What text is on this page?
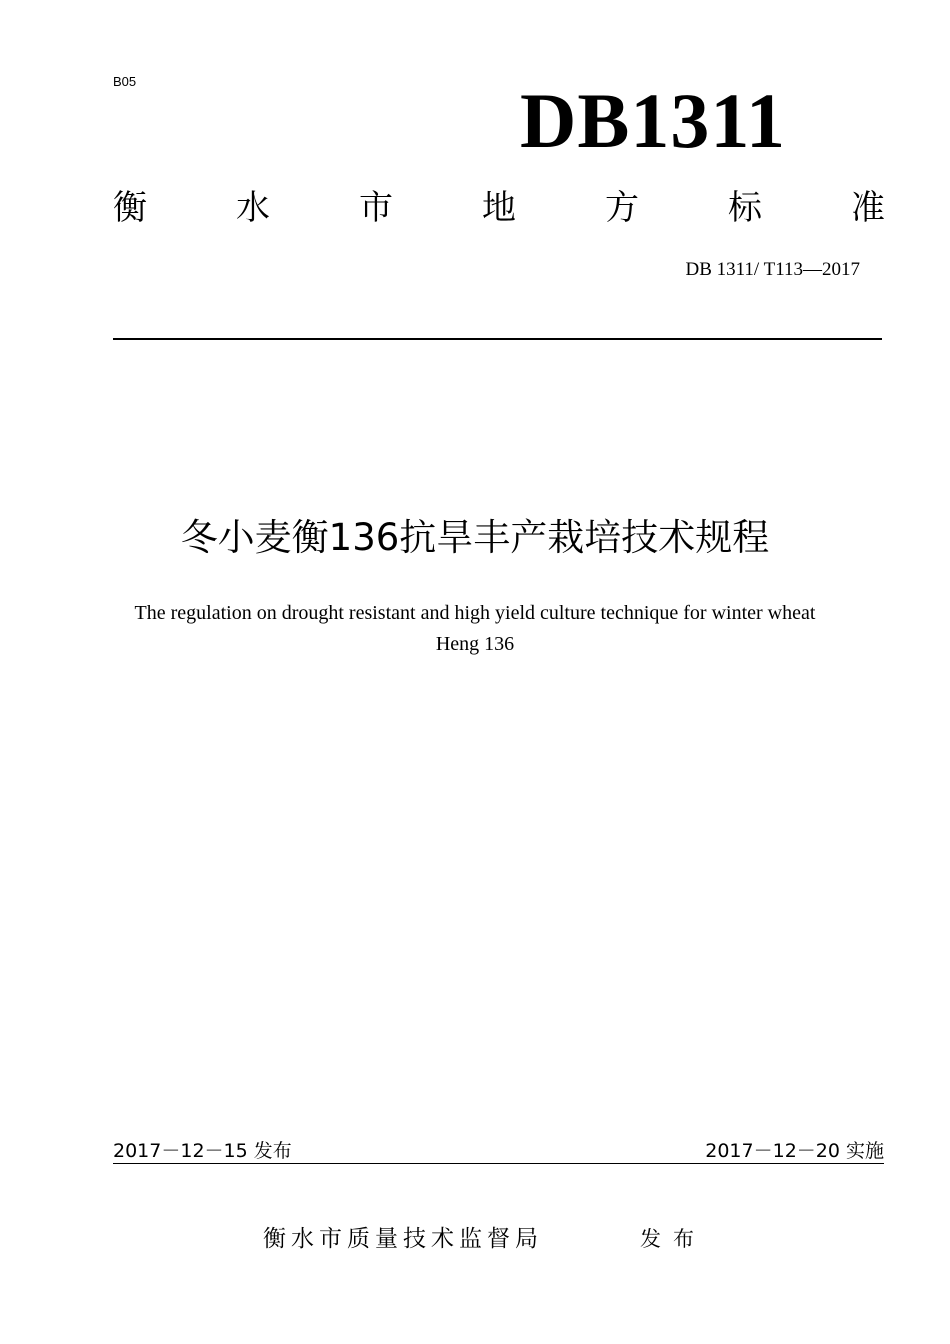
B05	DB1311
衡	水	市	地	方	标	准
DB 1311/ T113—2017
冬小麦衡136抗旱丰产栽培技术规程
The regulation on drought resistant and high yield culture technique for winter wheat
Heng 136
2017－12－15 发布	2017－12－20 实施
衡水市质量技术监督局	发布
